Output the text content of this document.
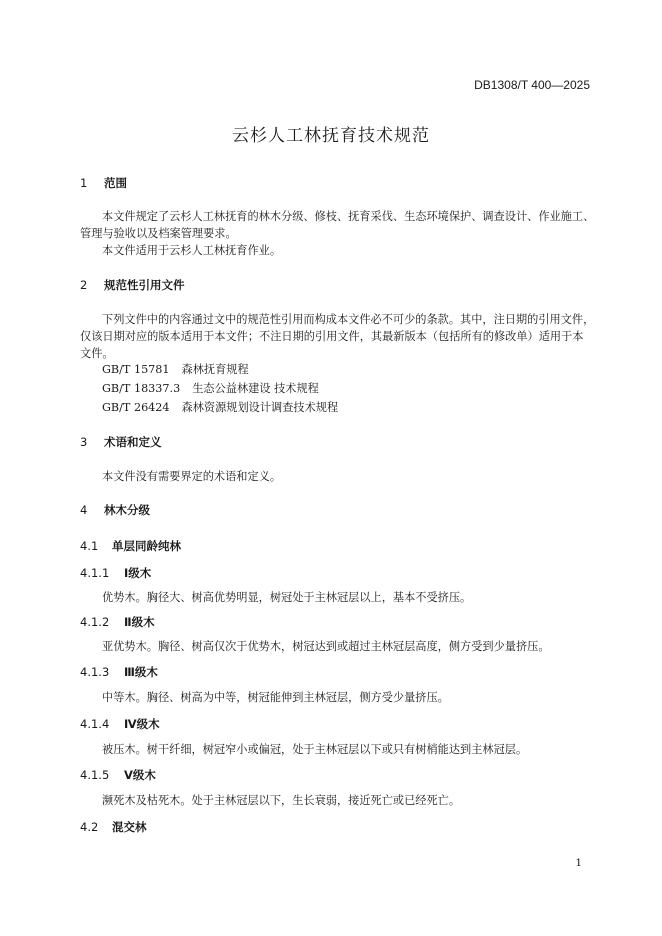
DB1308/T 400—2025
云杉人工林抚育技术规范
1 范围
本文件规定了云杉人工林抚育的林木分级、修枝、抚育采伐、生态环境保护、调查设计、作业施工、
管理与验收以及档案管理要求。
本文件适用于云杉人工林抚育作业。
2 规范性引用文件
下列文件中的内容通过文中的规范性引用而构成本文件必不可少的条款。其中，注日期的引用文件，
仅该日期对应的版本适用于本文件；不注日期的引用文件，其最新版本（包括所有的修改单）适用于本
文件。
GB/T 15781 森林抚育规程
GB/T 18337.3 生态公益林建设 技术规程
GB/T 26424 森林资源规划设计调查技术规程
3 术语和定义
本文件没有需要界定的术语和定义。
4 林木分级
4.1 单层同龄纯林
4.1.1 Ⅰ级木
优势木。胸径大、树高优势明显，树冠处于主林冠层以上，基本不受挤压。
4.1.2 Ⅱ级木
亚优势木。胸径、树高仅次于优势木，树冠达到或超过主林冠层高度，侧方受到少量挤压。
4.1.3 Ⅲ级木
中等木。胸径、树高为中等，树冠能伸到主林冠层，侧方受少量挤压。
4.1.4 Ⅳ级木
被压木。树干纤细，树冠窄小或偏冠，处于主林冠层以下或只有树梢能达到主林冠层。
4.1.5 Ⅴ级木
濒死木及枯死木。处于主林冠层以下，生长衰弱，接近死亡或已经死亡。
4.2 混交林
1
